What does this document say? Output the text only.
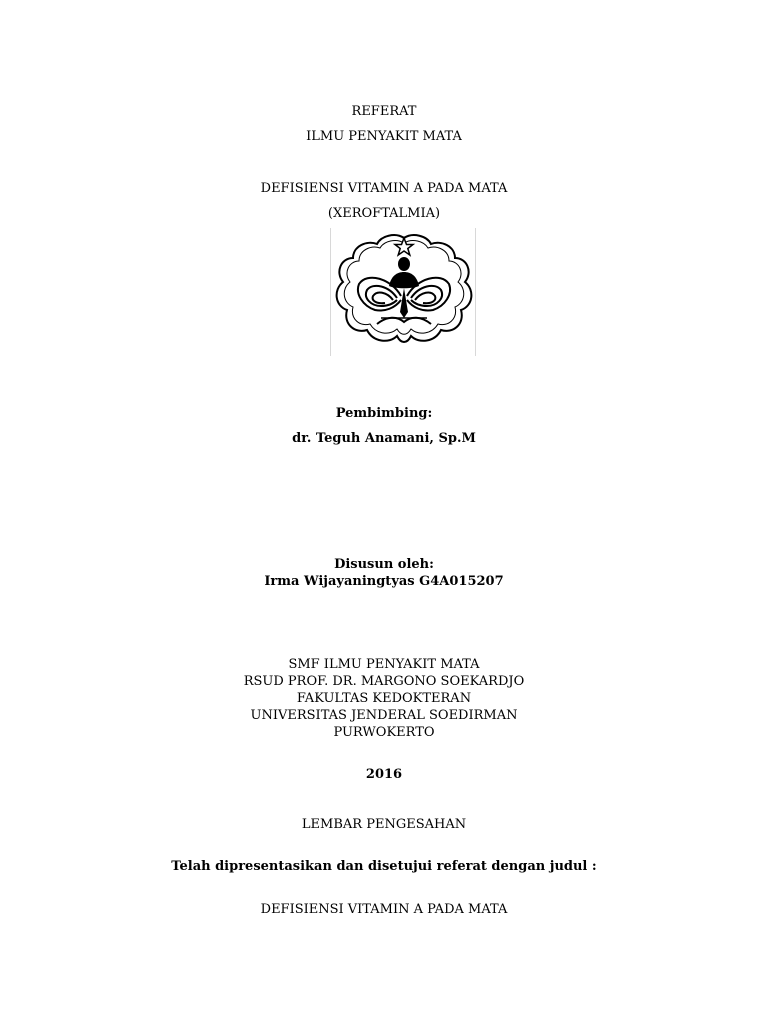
REFERAT
ILMU PENYAKIT MATA
DEFISIENSI VITAMIN A PADA MATA
(XEROFTALMIA)
Pembimbing:
dr. Teguh Anamani, Sp.M
Disusun oleh:
Irma Wijayaningtyas G4A015207
SMF ILMU PENYAKIT MATA
RSUD PROF. DR. MARGONO SOEKARDJO
FAKULTAS KEDOKTERAN
UNIVERSITAS JENDERAL SOEDIRMAN
PURWOKERTO
2016
LEMBAR PENGESAHAN
Telah dipresentasikan dan disetujui referat dengan judul :
DEFISIENSI VITAMIN A PADA MATA
